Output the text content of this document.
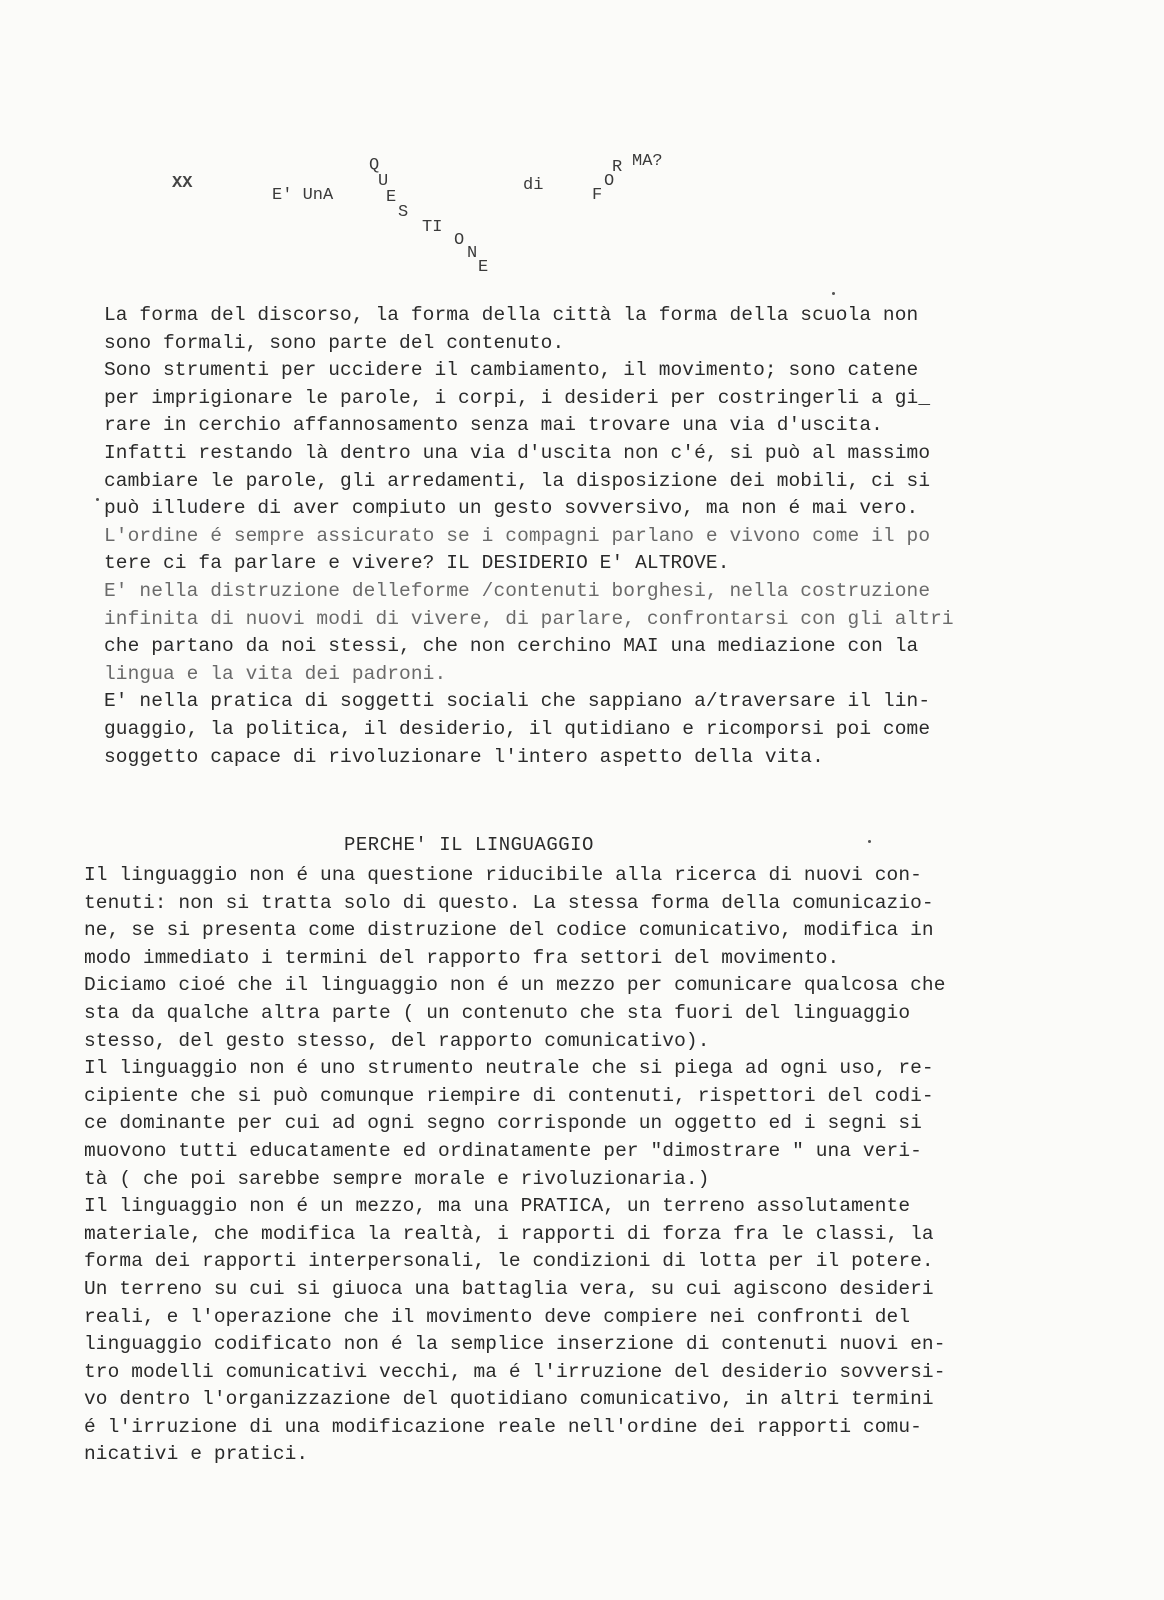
XX
E' UnA
Q
U
E
S
TI
O
N
E
di
F
O
R MA?
La forma del discorso, la forma della città la forma della scuola non
sono formali, sono parte del contenuto.
Sono strumenti per uccidere il cambiamento, il movimento; sono catene
per imprigionare le parole, i corpi, i desideri per costringerli a gi_
rare in cerchio affannosamento senza mai trovare una via d'uscita.
Infatti restando là dentro una via d'uscita non c'é, si può al massimo
cambiare le parole, gli arredamenti, la disposizione dei mobili, ci si
può illudere di aver compiuto un gesto sovversivo, ma non é mai vero.
L'ordine é sempre assicurato se i compagni parlano e vivono come il po
tere ci fa parlare e vivere? IL DESIDERIO E' ALTROVE.
E' nella distruzione delleforme /contenuti borghesi, nella costruzione
infinita di nuovi modi di vivere, di parlare, confrontarsi con gli altri
che partano da noi stessi, che non cerchino MAI una mediazione con la
lingua e la vita dei padroni.
E' nella pratica di soggetti sociali che sappiano a/traversare il lin-
guaggio, la politica, il desiderio, il qutidiano e ricomporsi poi come
soggetto capace di rivoluzionare l'intero aspetto della vita.
PERCHE' IL LINGUAGGIO
Il linguaggio non é una questione riducibile alla ricerca di nuovi con-
tenuti: non si tratta solo di questo. La stessa forma della comunicazio-
ne, se si presenta come distruzione del codice comunicativo, modifica in
modo immediato i termini del rapporto fra settori del movimento.
Diciamo cioé che il linguaggio non é un mezzo per comunicare qualcosa che
sta da qualche altra parte ( un contenuto che sta fuori del linguaggio
stesso, del gesto stesso, del rapporto comunicativo).
Il linguaggio non é uno strumento neutrale che si piega ad ogni uso, re-
cipiente che si può comunque riempire di contenuti, rispettori del codi-
ce dominante per cui ad ogni segno corrisponde un oggetto ed i segni si
muovono tutti educatamente ed ordinatamente per "dimostrare " una veri-
tà ( che poi sarebbe sempre morale e rivoluzionaria.)
Il linguaggio non é un mezzo, ma una PRATICA, un terreno assolutamente
materiale, che modifica la realtà, i rapporti di forza fra le classi, la
forma dei rapporti interpersonali, le condizioni di lotta per il potere.
Un terreno su cui si giuoca una battaglia vera, su cui agiscono desideri
reali, e l'operazione che il movimento deve compiere nei confronti del
linguaggio codificato non é la semplice inserzione di contenuti nuovi en-
tro modelli comunicativi vecchi, ma é l'irruzione del desiderio sovversi-
vo dentro l'organizzazione del quotidiano comunicativo, in altri termini
é l'irruzione di una modificazione reale nell'ordine dei rapporti comu-
nicativi e pratici.
